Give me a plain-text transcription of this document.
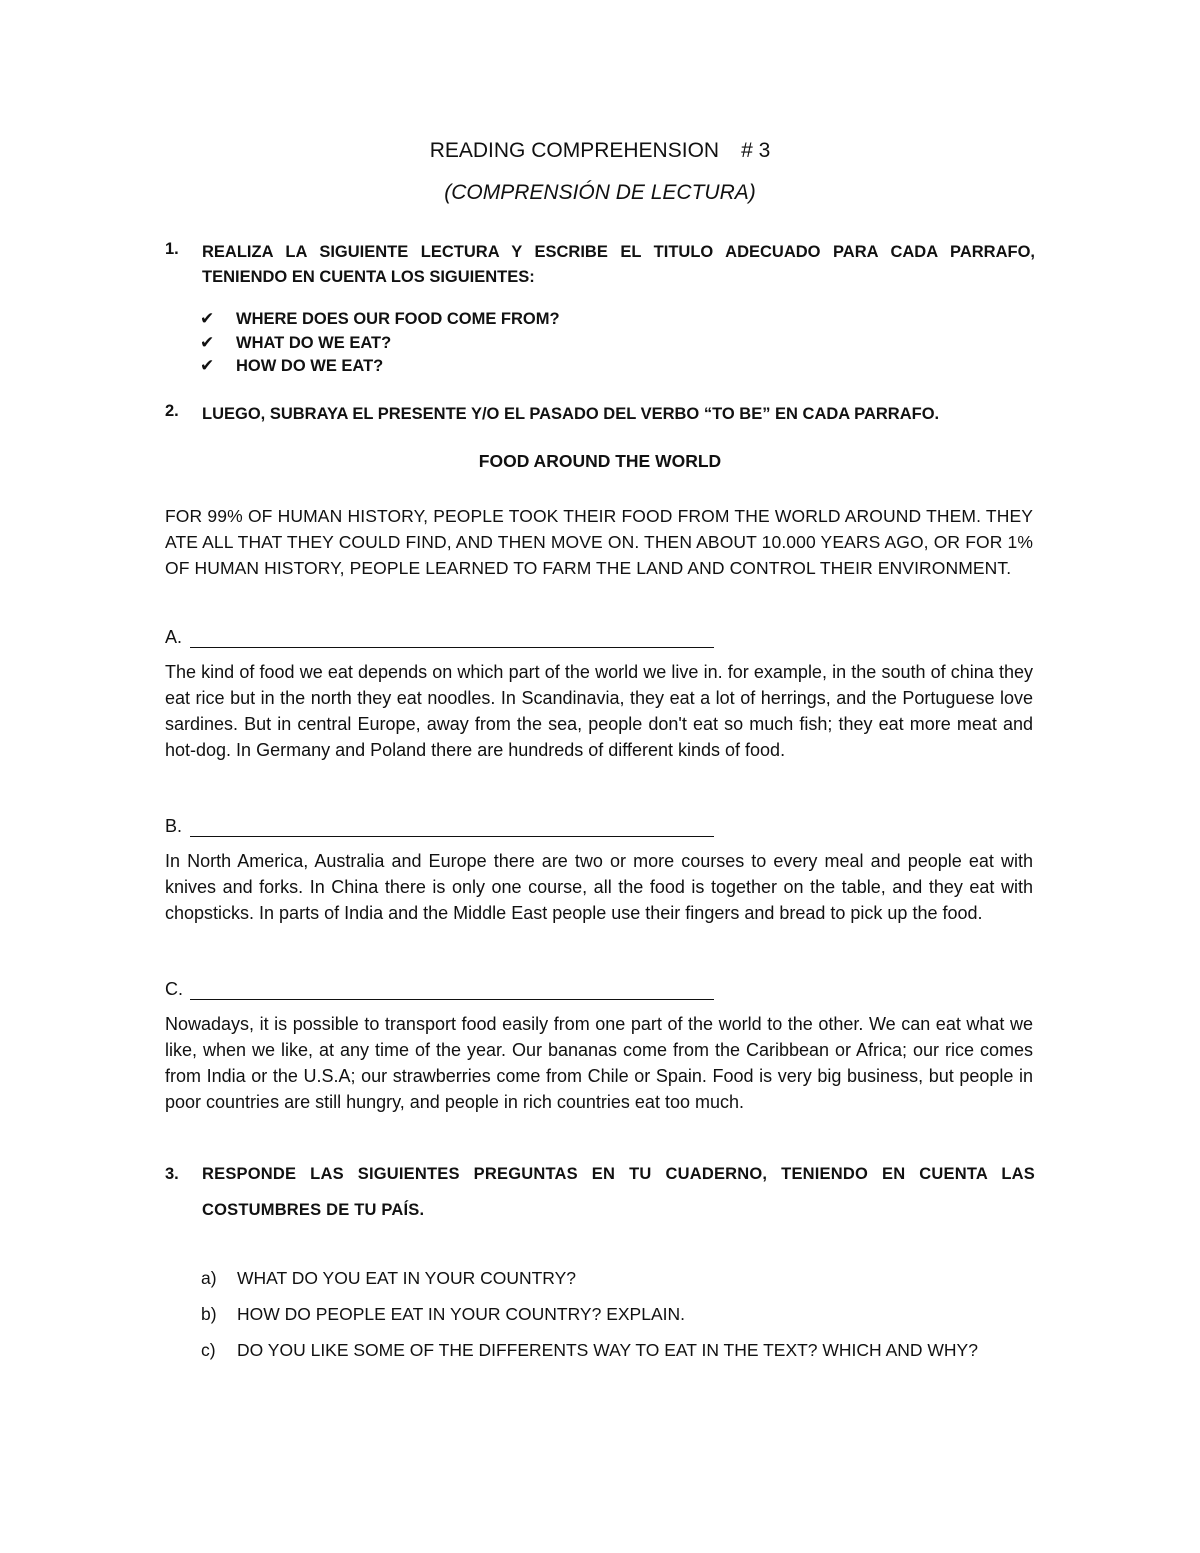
READING COMPREHENSION # 3
(COMPRENSIÓN DE LECTURA)
1. REALIZA LA SIGUIENTE LECTURA Y ESCRIBE EL TITULO ADECUADO PARA CADA PARRAFO, TENIENDO EN CUENTA LOS SIGUIENTES:
✔ WHERE DOES OUR FOOD COME FROM?
✔ WHAT DO WE EAT?
✔ HOW DO WE EAT?
2. LUEGO, SUBRAYA EL PRESENTE Y/O EL PASADO DEL VERBO “TO BE” EN CADA PARRAFO.
FOOD AROUND THE WORLD
FOR 99% OF HUMAN HISTORY, PEOPLE TOOK THEIR FOOD FROM THE WORLD AROUND THEM. THEY ATE ALL THAT THEY COULD FIND, AND THEN MOVE ON. THEN ABOUT 10.000 YEARS AGO, OR FOR 1% OF HUMAN HISTORY, PEOPLE LEARNED TO FARM THE LAND AND CONTROL THEIR ENVIRONMENT.
A.
The kind of food we eat depends on which part of the world we live in. for example, in the south of china they eat rice but in the north they eat noodles. In Scandinavia, they eat a lot of herrings, and the Portuguese love sardines. But in central Europe, away from the sea, people don't eat so much fish; they eat more meat and hot-dog. In Germany and Poland there are hundreds of different kinds of food.
B.
In North America, Australia and Europe there are two or more courses to every meal and people eat with knives and forks. In China there is only one course, all the food is together on the table, and they eat with chopsticks. In parts of India and the Middle East people use their fingers and bread to pick up the food.
C.
Nowadays, it is possible to transport food easily from one part of the world to the other. We can eat what we like, when we like, at any time of the year. Our bananas come from the Caribbean or Africa; our rice comes from India or the U.S.A; our strawberries come from Chile or Spain. Food is very big business, but people in poor countries are still hungry, and people in rich countries eat too much.
3. RESPONDE LAS SIGUIENTES PREGUNTAS EN TU CUADERNO, TENIENDO EN CUENTA LAS COSTUMBRES DE TU PAÍS.
a) WHAT DO YOU EAT IN YOUR COUNTRY?
b) HOW DO PEOPLE EAT IN YOUR COUNTRY? EXPLAIN.
c) DO YOU LIKE SOME OF THE DIFFERENTS WAY TO EAT IN THE TEXT? WHICH AND WHY?
